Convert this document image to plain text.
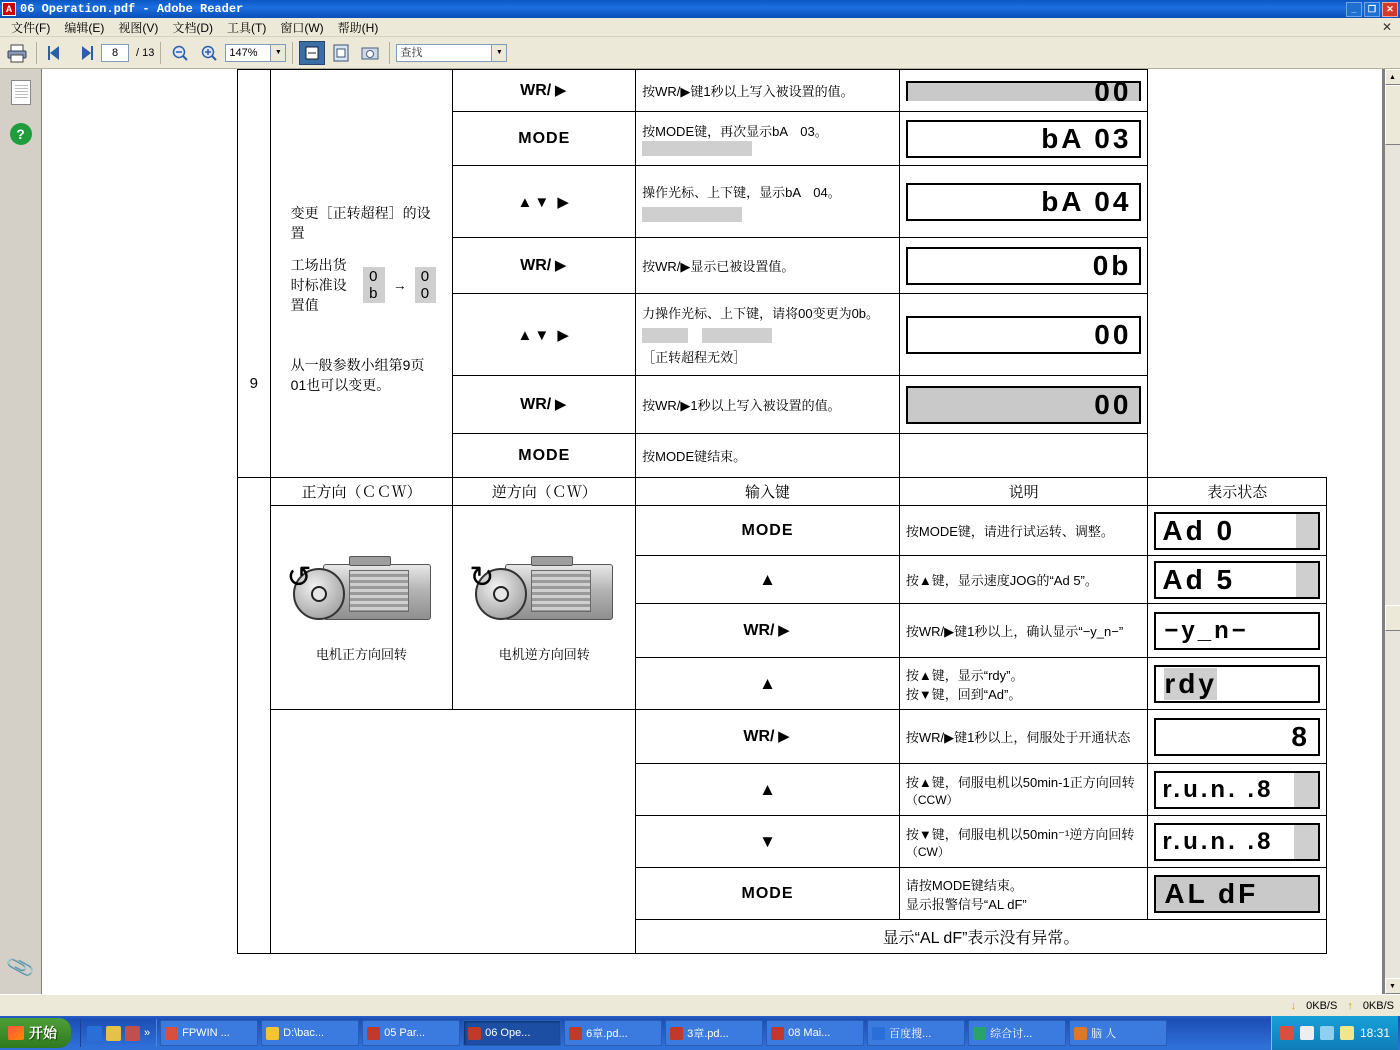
A 06 Operation.pdf - Adobe Reader	_	❐	✕
文件(F)	编辑(E)	视图(V)	文档(D)	工具(T)	窗口(W)	帮助(H)	✕
8	/ 13	147%	▼	查找	▼
?
📎
9

变更［正转超程］的设置
工场出货时标准设置值
0 b	→ 0 0
从一般参数小组第9页01也可以变更。
	WR/ ▶	按WR/▶键1秒以上写入被设置的值。	00

		MODE	按MODE键，再次显示bA　03。	bA 03	

		▲▼ ▶	操作光标、上下键，显示bA　04。	bA 04	

		WR/ ▶	按WR/▶显示已被设置值。	0b	

		▲▼ ▶	力操作光标、上下键，请将00变更为0b。

［正转超程无效］	00	

		WR/ ▶	按WR/▶1秒以上写入被设置的值。	00	

		MODE	按MODE键结束。		
	正方向（ＣＣＷ）	逆方向（ＣＷ）	输入键	说明	表示状态

↺
电机正方向回转

↻
电机逆方向回转
	MODE	按MODE键，请进行试运转、调整。	Ad 0

			▲	按▲键，显示速度JOG的“Ad 5”。	Ad 5

			WR/ ▶	按WR/▶键1秒以上，确认显示“−y_n−”	−y_n−

			▲	按▲键，显示“rdy”。
按▼键，回到“Ad”。	rdy

			WR/ ▶	按WR/▶键1秒以上，伺服处于开通状态	8

			▲	按▲键，伺服电机以50min-1正方向回转
（CCW）	r.u.n. .8

			▼	按▼键，伺服电机以50min⁻¹逆方向回转
（CW）	r.u.n. .8

			MODE	请按MODE键结束。
显示报警信号“AL dF”	AL dF

			显示“AL dF”表示没有异常。		
▲
▼
↓ 0KB/S ↑ 0KB/S
开始	»	FPWIN ...	D:\bac...	05 Par...	06 Ope...	6章.pd...	3章.pd...	08 Mai...	百度搜...	综合讨...	脑 人	18:31
